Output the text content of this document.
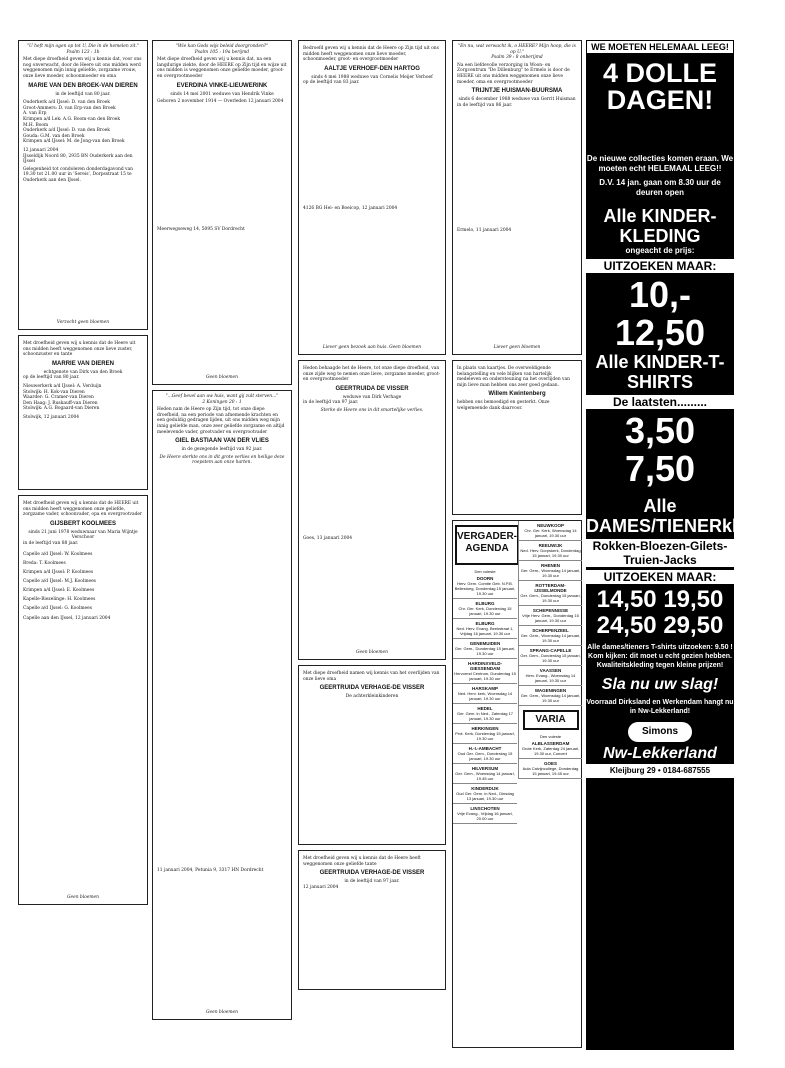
"U heft mijn ogen op tot U, Die in de hemelen zit."
Psalm 123 : 1b

Met diepe droefheid geven wij u kennis dat, voor ons nog onverwacht, door de Heere uit ons midden werd weggenomen mijn innig geliefde, zorgzame vrouw, onze lieve moeder, schoonmoeder en oma

MARIE VAN DEN BROEK-VAN DIEREN
in de leeftijd van 80 jaar.
Ouderkerk a/d IJssel: D. van den Broek
Groot-Ammers: D. van Erp-van den Broek
A. van Erp
Krimpen a/d Lek: A.G. Boom-van den Broek
M.H. Boom
Ouderkerk a/d IJssel: D. van den Broek
Gouda: G.M. van den Broek
Krimpen a/d IJssel: M. de Jong-van den Broek
12 januari 2004
IJsseldijk Noord 80, 2935 BN Ouderkerk aan den IJssel

Gelegenheid tot condoleren donderdagavond van 19.30 tot 21.00 uur in 'Sereis', Dorpsstraat 15 te Ouderkerk aan den IJssel.

Verzocht geen bloemen

Met droefheid geven wij u kennis dat de Heere uit ons midden heeft weggenomen onze lieve zuster, schoonzuster en tante

MARRIE VAN DIEREN
echtgenote van Dirk van den Broek
op de leeftijd van 80 jaar.
Nieuwerkerk a/d IJssel: A. Verduijn
Stolwijk: H. Kok-van Dieren
Waarder: G. Cramer-van Dieren
Den Haag: J. Ruskauff-van Dieren
Stolwijk: A.G. Bogaard-van Dieren
Stolwijk, 12 januari 2004

Met droefheid geven wij u kennis dat de HEERE uit ons midden heeft weggenomen onze geliefde, zorgzame vader, schoonvader, opa en overgrootvader

GIJSBERT KOOLMEES
sinds 21 juni 1978 weduwnaar van Maria Wijntje Verschoor
in de leeftijd van 88 jaar.
Capelle a/d IJssel: W. Koolmees
Breda: T. Koolmees
Krimpen a/d IJssel: P. Koolmees
Capelle a/d IJssel: M.J. Koolmees
Krimpen a/d IJssel: E. Koolmees
Kapelle-Biezelinge: H. Koolmees
Capelle a/d IJssel: G. Koolmees
Capelle aan den IJssel, 12 januari 2004
Geen bloemen
"Wie kan Gods wijs beleid doorgronden?"
Psalm 105 : 19a berijmd

Met diepe droefheid geven wij u kennis dat, na een langdurige ziekte, door de HEERE op Zijn tijd en wijze uit ons midden is weggenomen onze geliefde moeder, groot- en overgrootmoeder

EVERDINA VINKE-LIEUWERINK
sinds 14 mei 2001 weduwe van Hendrik Vinke

Geboren 2 november 1914 — Overleden 12 januari 2004

Meerwegseweg 14, 5095 SV Dordrecht
Geen bloemen
"...Geef bevel aan uw huis, want gij zult sterven..."
2 Koningen 20 : 1

Heden nam de Heere op Zijn tijd, tot onze diepe droefheid, na een periode van afnemende krachten en een geduldig gedragen lijden, uit ons midden weg mijn innig geliefde man, onze zeer geliefde zorgzame en altijd meelevende vader, grootvader en overgrootvader

GIEL BASTIAAN VAN DER VLIES
in de gezegende leeftijd van 92 jaar.

De Heere sterkte ons in dit grote verlies en heilige deze roepstem aan onze harten.

11 januari 2004, Petunia 9, 3317 HN Dordrecht
Geen bloemen

Bedroefd geven wij u kennis dat de Heere op Zijn tijd uit ons midden heeft weggenomen onze lieve moeder, schoonmoeder, groot- en overgrootmoeder

AALTJE VERHOEF-DEN HARTOG
sinds 4 mei 1988 weduwe van Cornelis Meijer Verhoef
op de leeftijd van 83 jaar.
4126 BG Hei- en Boeicop, 12 januari 2004
Liever geen bezoek aan huis. Geen bloemen

Heden behaagde het de Heere, tot onze diepe droefheid, van onze zijde weg te nemen onze lieve, zorgzame moeder, groot- en overgrootmoeder

GEERTRUIDA DE VISSER
weduwe van Dirk Verhage
in de leeftijd van 97 jaar.

Sterke de Heere ons in dit smartelijke verlies.

Goes, 13 januari 2004
Geen bloemen

Met diepe droefheid namen wij kennis van het overlijden van onze lieve oma

GEERTRUIDA VERHAGE-DE VISSER
De achterkleinkinderen

Met droefheid geven wij u kennis dat de Heere heeft weggenomen onze geliefde tante

GEERTRUIDA VERHAGE-DE VISSER
in de leeftijd van 97 jaar.
12 januari 2004
"En nu, wat verwacht ik, o HEERE? Mijn hoop, die is op U."
Psalm 39 : 8 onberijmd

Na een liefdevolle verzorging in Woon- en Zorgcentrum "De Dillenburg" te Ermelo is door de HEERE uit ons midden weggenomen onze lieve moeder, oma en overgrootmoeder

TRIJNTJE HUISMAN-BUURSMA
sinds 6 december 1988 weduwe van Gerrit Huisman
in de leeftijd van 86 jaar.
Ermelo, 11 januari 2004
Liever geen bloemen

In plaats van kaartjes. De overweldigende belangstelling en vele blijken van hartelijk medeleven en ondersteuning na het overlijden van mijn lieve man hebben ons zeer goed gedaan.

Willem Kwintenberg

hebben ons bemoedigd en gesterkt. Onze welgemeende dank daarvoor.

VERGADER-AGENDA
Den voleste
DOORN
Herv. Gem. Comite Geb. N.P.B. Beilestoeg, Donderdag 15 januari, 19.30 uur
ELBURG
Chr. Ger. Kerk, Donderdag 15 januari, 19.30 uur
ELBURG
Ned. Herv. Evang. Beekstraat 1, Vrijdag 16 januari, 19.30 uur
GENEMUIDEN
Ger. Gem., Donderdag 15 januari, 19.30 uur
HARDINXVELD-GIESSENDAM
Hervormd Centrum, Donderdag 15 januari, 19.30 uur
HARSKAMP
Ned. Herv. kerk, Woensdag 14 januari, 19.30 uur
HEDEL
Ger. Gem. in Ned., Zaterdag 17 januari, 19.30 uur
HERKINGEN
Prot. Kerk, Donderdag 15 januari, 19.30 uur
H.-I.-AMBACHT
Oud Ger. Gem., Donderdag 15 januari, 19.30 uur
HILVERSUM
Ger. Gem., Woensdag 14 januari, 19.45 uur
KINDERDIJK
Oud Ger. Gem. in Ned., Dinsdag 13 januari, 19.30 uur
LINSCHOTEN
Vrije Evang., Vrijdag 16 januari, 20.00 uur
NEUWKOOP
Chr. Ger. Kerk, Woensdag 14 januari, 19.30 uur
REEUWIJK
Ned. Herv. Dorpskerk, Donderdag 15 januari, 19.30 uur
RHENEN
Ger. Gem., Woensdag 14 januari, 19.30 uur
ROTTERDAM-IJSSELMONDE
Ger. Gem., Donderdag 15 januari, 19.30 uur
SCHEPENNISSE
Vrije Herv. Gem., Donderdag 15 januari, 19.30 uur
SCHERPENZEEL
Ger. Gem., Woensdag 14 januari, 19.30 uur
SPRANG-CAPELLE
Ger. Gem., Donderdag 15 januari, 19.30 uur
VAASSEN
Herv. Evang., Woensdag 14 januari, 19.30 uur
WAGENINGEN
Ger. Gem., Woensdag 14 januari, 19.30 uur
VARIA
Den voleste
ALBLASSERDAM
Grote Kerk, Zaterdag 24 januari, 19.30 uur, Concert
GOES
Aula Calvijncollege, Donderdag 15 januari, 19.45 uur
WE MOETEN HELEMAAL LEEG!
4 DOLLE
DAGEN!
De nieuwe collecties komen eraan. We moeten echt HELEMAAL LEEG!!
D.V. 14 jan. gaan om 8.30 uur de deuren open
Alle KINDER-KLEDING
ongeacht de prijs:
UITZOEKEN MAAR:
10,- 12,50
Alle KINDER-T-SHIRTS
De laatsten.........
3,50 7,50
Alle DAMES/TIENERkleding
Rokken-Bloezen-Gilets-Truien-Jacks
UITZOEKEN MAAR:
14,50 19,50
24,50 29,50
Alle dames/tieners T-shirts uitzoeken: 9.50 ! Kom kijken: dit moet u echt gezien hebben. Kwaliteitskleding tegen kleine prijzen!
Sla nu uw slag!
Voorraad Dirksland en Werkendam hangt nu in Nw-Lekkerland!
Simons
Nw-Lekkerland
Kleijburg 29 • 0184-687555
